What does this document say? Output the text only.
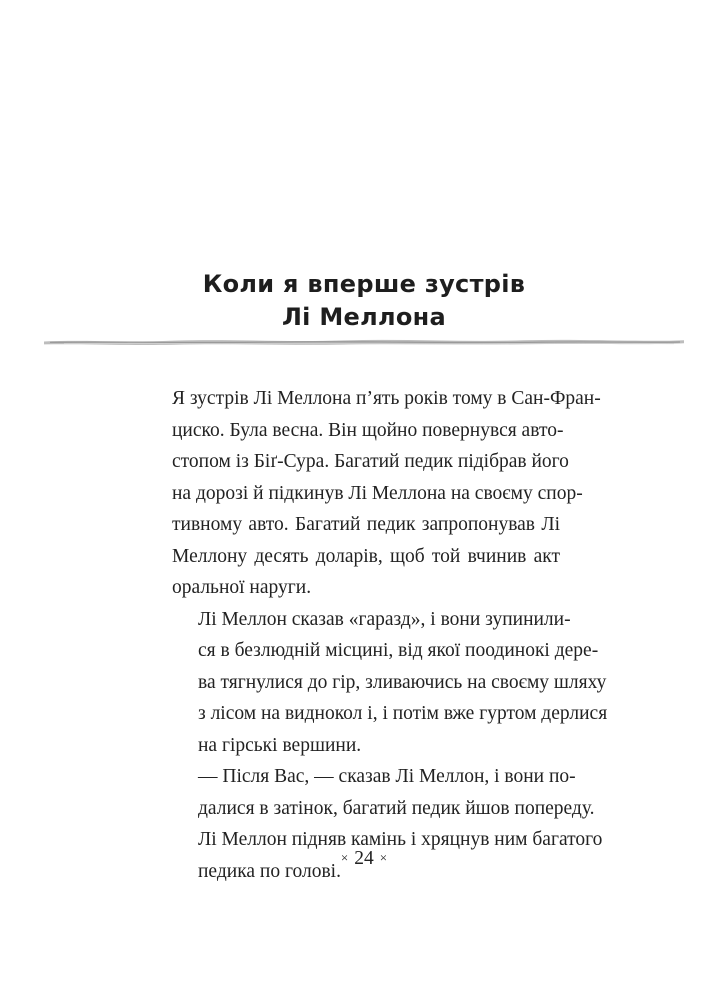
Коли я вперше зустрів
Лі Меллона

Я зустрів Лі Меллона п’ять років тому в Сан-Фран-
циско. Була весна. Він щойно повернувся авто-
стопом із Біґ-Сура. Багатий педик підібрав його
на дорозі й підкинув Лі Меллона на своєму спор-
тивному авто. Багатий педик запропонував Лі
Меллону десять доларів, щоб той вчинив акт
оральної наруги.

Лі Меллон сказав «гаразд», і вони зупинили-
ся в безлюдній місцині, від якої поодинокі дере-
ва тягнулися до гір, зливаючись на своєму шляху
з лісом на виднокол і, і потім вже гуртом дерлися
на гірські вершини.

— Після Вас, — сказав Лі Меллон, і вони по-
далися в затінок, багатий педик йшов попереду.
Лі Меллон підняв камінь і хряцнув ним багатого
педика по голові.

× 24 ×
